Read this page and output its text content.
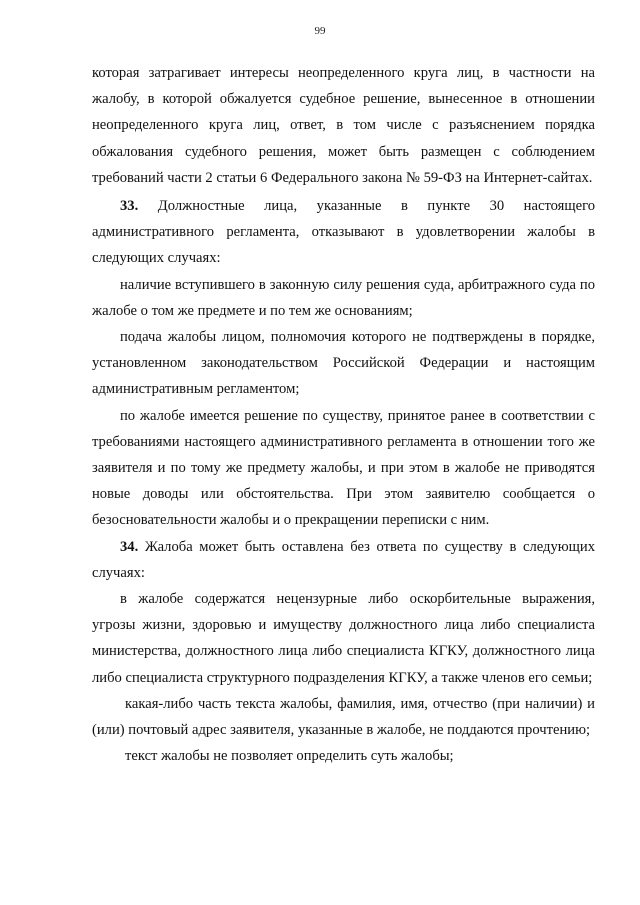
99

которая затрагивает интересы неопределенного круга лиц, в частности на жалобу, в которой обжалуется судебное решение, вынесенное в отношении неопределенного круга лиц, ответ, в том числе с разъяснением порядка обжалования судебного решения, может быть размещен с соблюдением требований части 2 статьи 6 Федерального закона № 59-ФЗ на Интернет-сайтах.

33. Должностные лица, указанные в пункте 30 настоящего административного регламента, отказывают в удовлетворении жалобы в следующих случаях:

наличие вступившего в законную силу решения суда, арбитражного суда по жалобе о том же предмете и по тем же основаниям;

подача жалобы лицом, полномочия которого не подтверждены в порядке, установленном законодательством Российской Федерации и настоящим административным регламентом;

по жалобе имеется решение по существу, принятое ранее в соответствии с требованиями настоящего административного регламента в отношении того же заявителя и по тому же предмету жалобы, и при этом в жалобе не приводятся новые доводы или обстоятельства. При этом заявителю сообщается о безосновательности жалобы и о прекращении переписки с ним.

34. Жалоба может быть оставлена без ответа по существу в следующих случаях:

в жалобе содержатся нецензурные либо оскорбительные выражения, угрозы жизни, здоровью и имуществу должностного лица либо специалиста министерства, должностного лица либо специалиста КГКУ, должностного лица либо специалиста структурного подразделения КГКУ, а также членов его семьи;

какая-либо часть текста жалобы, фамилия, имя, отчество (при наличии) и (или) почтовый адрес заявителя, указанные в жалобе, не поддаются прочтению;

текст жалобы не позволяет определить суть жалобы;
